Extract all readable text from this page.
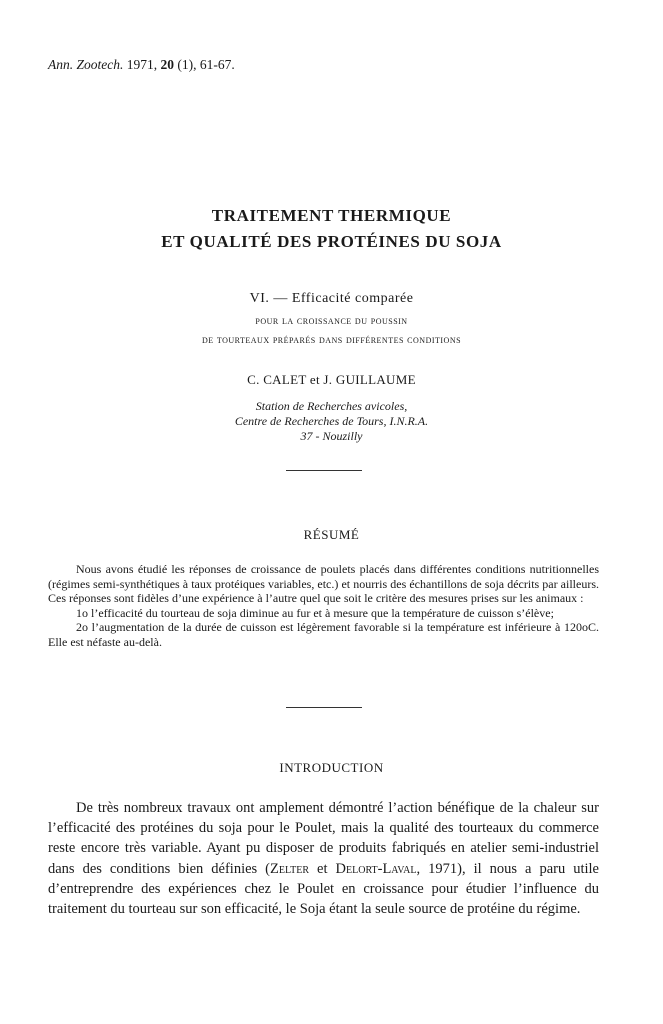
Ann. Zootech. 1971, 20 (1), 61-67.
TRAITEMENT THERMIQUE
ET QUALITÉ DES PROTÉINES DU SOJA
VI. — Efficacité comparée
pour la croissance du poussin
de tourteaux préparés dans différentes conditions
C. CALET et J. GUILLAUME
Station de Recherches avicoles,
Centre de Recherches de Tours, I.N.R.A.
37 - Nouzilly
RÉSUMÉ

Nous avons étudié les réponses de croissance de poulets placés dans différentes conditions nutritionnelles (régimes semi-synthétiques à taux protéiques variables, etc.) et nourris des échantillons de soja décrits par ailleurs. Ces réponses sont fidèles d’une expérience à l’autre quel que soit le critère des mesures prises sur les animaux :

1o l’efficacité du tourteau de soja diminue au fur et à mesure que la température de cuisson s’élève;

2o l’augmentation de la durée de cuisson est légèrement favorable si la température est inférieure à 120oC. Elle est néfaste au-delà.

INTRODUCTION

De très nombreux travaux ont amplement démontré l’action bénéfique de la chaleur sur l’efficacité des protéines du soja pour le Poulet, mais la qualité des tourteaux du commerce reste encore très variable. Ayant pu disposer de produits fabriqués en atelier semi-industriel dans des conditions bien définies (Zelter et Delort-Laval, 1971), il nous a paru utile d’entreprendre des expériences chez le Poulet en croissance pour étudier l’influence du traitement du tourteau sur son efficacité, le Soja étant la seule source de protéine du régime.
